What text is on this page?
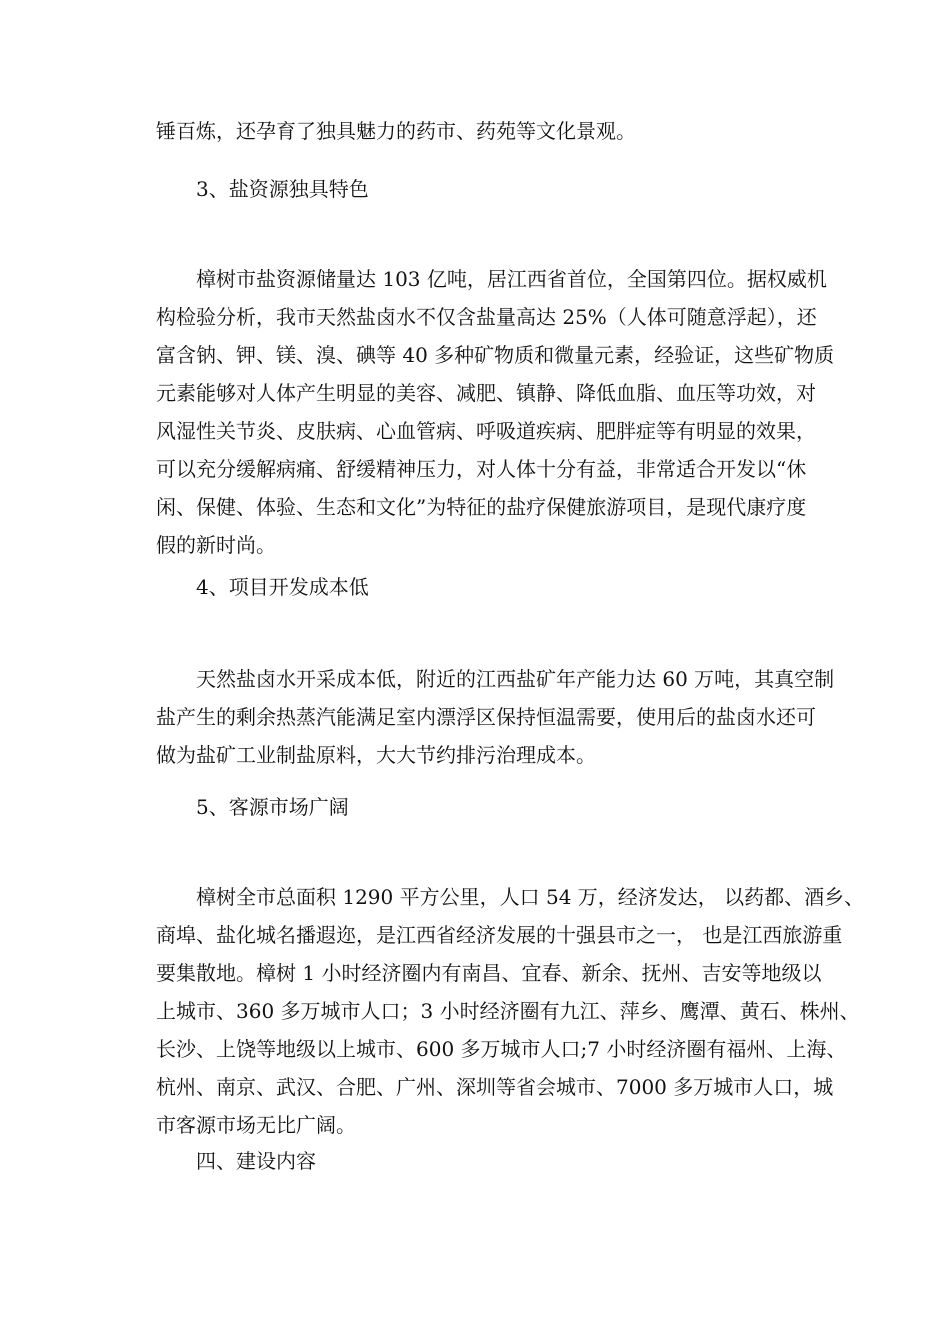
锤百炼，还孕育了独具魅力的药市、药苑等文化景观。
3、盐资源独具特色
樟树市盐资源储量达 103 亿吨，居江西省首位，全国第四位。据权威机
构检验分析，我市天然盐卤水不仅含盐量高达 25%（人体可随意浮起），还
富含钠、钾、镁、溴、碘等 40 多种矿物质和微量元素，经验证，这些矿物质
元素能够对人体产生明显的美容、减肥、镇静、降低血脂、血压等功效，对
风湿性关节炎、皮肤病、心血管病、呼吸道疾病、肥胖症等有明显的效果，
可以充分缓解病痛、舒缓精神压力，对人体十分有益，非常适合开发以“休
闲、保健、体验、生态和文化”为特征的盐疗保健旅游项目，是现代康疗度
假的新时尚。
4、项目开发成本低
天然盐卤水开采成本低，附近的江西盐矿年产能力达 60 万吨，其真空制
盐产生的剩余热蒸汽能满足室内漂浮区保持恒温需要，使用后的盐卤水还可
做为盐矿工业制盐原料，大大节约排污治理成本。
5、客源市场广阔
樟树全市总面积 1290 平方公里，人口 54 万，经济发达， 以药都、酒乡、
商埠、盐化城名播遐迩，是江西省经济发展的十强县市之一， 也是江西旅游重
要集散地。樟树 1 小时经济圈内有南昌、宜春、新余、抚州、吉安等地级以
上城市、360 多万城市人口；3 小时经济圈有九江、萍乡、鹰潭、黄石、株州、
长沙、上饶等地级以上城市、600 多万城市人口;7 小时经济圈有福州、上海、
杭州、南京、武汉、合肥、广州、深圳等省会城市、7000 多万城市人口，城
市客源市场无比广阔。
四、建设内容
